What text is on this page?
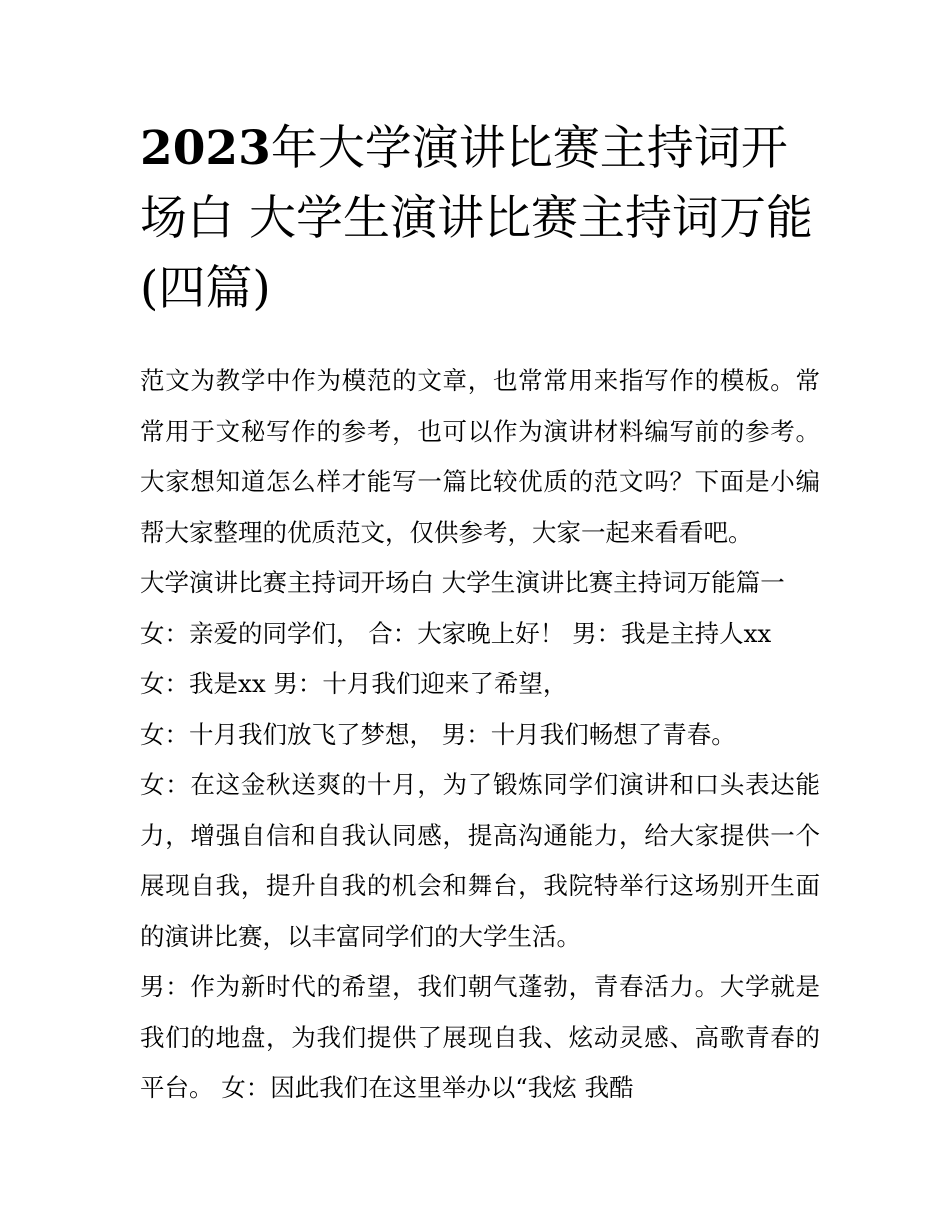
2023年大学演讲比赛主持词开场白 大学生演讲比赛主持词万能(四篇)

范文为教学中作为模范的文章，也常常用来指写作的模板。常常用于文秘写作的参考，也可以作为演讲材料编写前的参考。大家想知道怎么样才能写一篇比较优质的范文吗？下面是小编帮大家整理的优质范文，仅供参考，大家一起来看看吧。

大学演讲比赛主持词开场白 大学生演讲比赛主持词万能篇一

女：亲爱的同学们， 合：大家晚上好！ 男：我是主持人xx

女：我是xx 男：十月我们迎来了希望，

女：十月我们放飞了梦想， 男：十月我们畅想了青春。

女：在这金秋送爽的十月，为了锻炼同学们演讲和口头表达能力，增强自信和自我认同感，提高沟通能力，给大家提供一个展现自我，提升自我的机会和舞台，我院特举行这场别开生面的演讲比赛，以丰富同学们的大学生活。

男：作为新时代的希望，我们朝气蓬勃，青春活力。大学就是我们的地盘，为我们提供了展现自我、炫动灵感、高歌青春的平台。 女：因此我们在这里举办以“我炫 我酷
